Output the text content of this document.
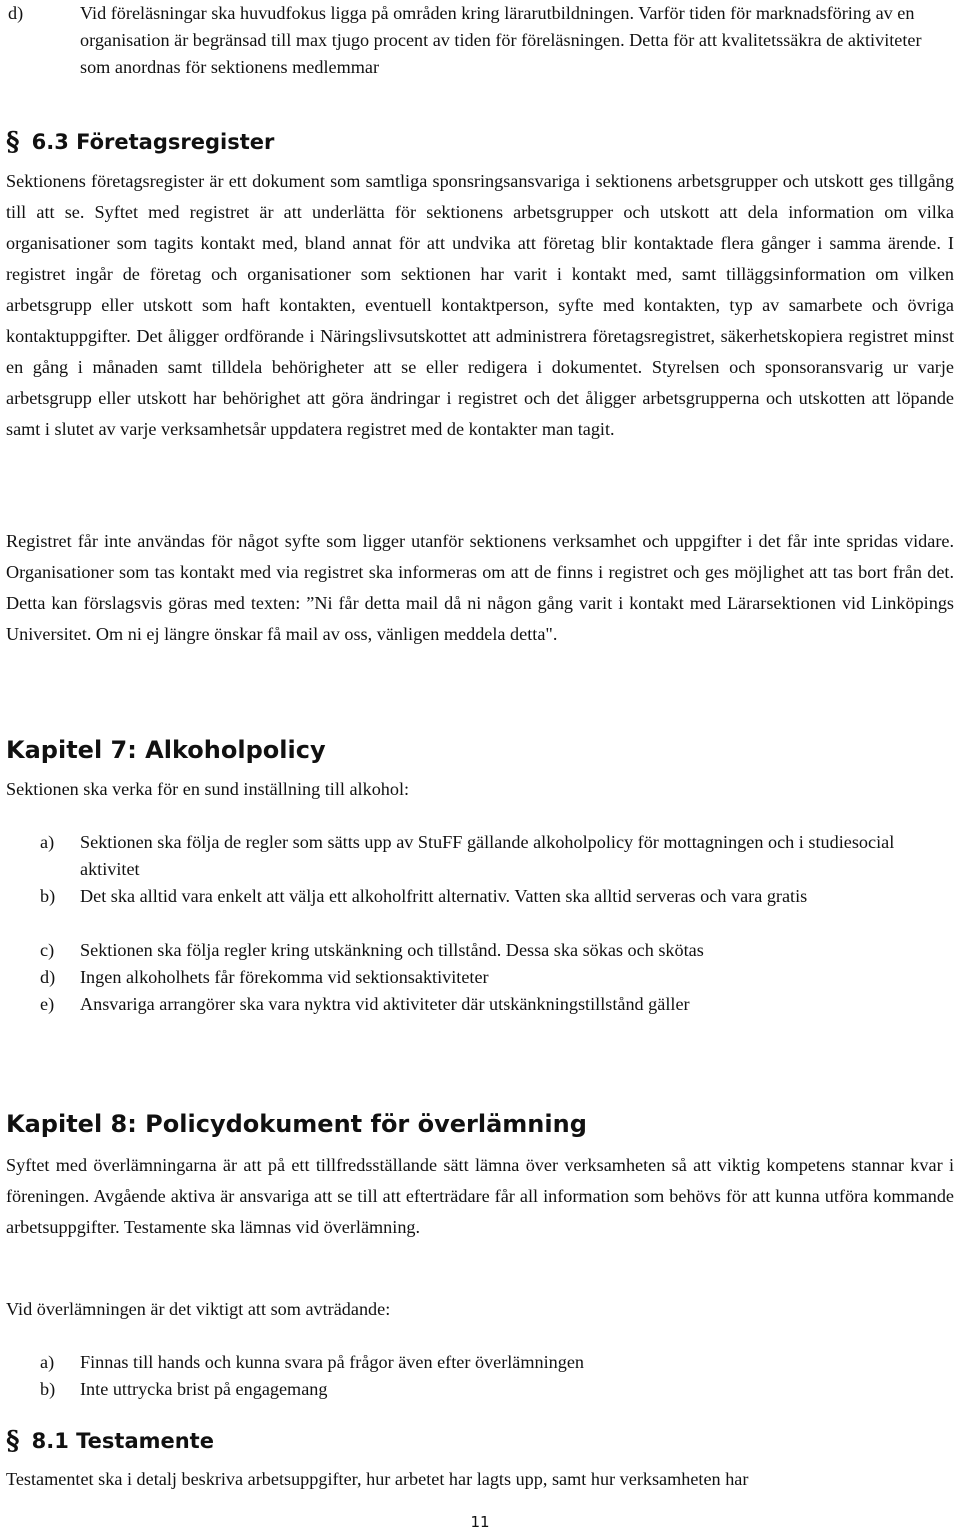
d)	Vid föreläsningar ska huvudfokus ligga på områden kring lärarutbildningen. Varför tiden för marknadsföring av en organisation är begränsad till max tjugo procent av tiden för föreläsningen. Detta för att kvalitetssäkra de aktiviteter som anordnas för sektionens medlemmar
§ 6.3 Företagsregister

Sektionens företagsregister är ett dokument som samtliga sponsringsansvariga i sektionens arbetsgrupper och utskott ges tillgång till att se. Syftet med registret är att underlätta för sektionens arbetsgrupper och utskott att dela information om vilka organisationer som tagits kontakt med, bland annat för att undvika att företag blir kontaktade flera gånger i samma ärende. I registret ingår de företag och organisationer som sektionen har varit i kontakt med, samt tilläggsinformation om vilken arbetsgrupp eller utskott som haft kontakten, eventuell kontaktperson, syfte med kontakten, typ av samarbete och övriga kontaktuppgifter. Det åligger ordförande i Näringslivsutskottet att administrera företagsregistret, säkerhetskopiera registret minst en gång i månaden samt tilldela behörigheter att se eller redigera i dokumentet. Styrelsen och sponsoransvarig ur varje arbetsgrupp eller utskott har behörighet att göra ändringar i registret och det åligger arbetsgrupperna och utskotten att löpande samt i slutet av varje verksamhetsår uppdatera registret med de kontakter man tagit.

Registret får inte användas för något syfte som ligger utanför sektionens verksamhet och uppgifter i det får inte spridas vidare. Organisationer som tas kontakt med via registret ska informeras om att de finns i registret och ges möjlighet att tas bort från det. Detta kan förslagsvis göras med texten: ”Ni får detta mail då ni någon gång varit i kontakt med Lärarsektionen vid Linköpings Universitet. Om ni ej längre önskar få mail av oss, vänligen meddela detta".

Kapitel 7: Alkoholpolicy

Sektionen ska verka för en sund inställning till alkohol:

a)	Sektionen ska följa de regler som sätts upp av StuFF gällande alkoholpolicy för mottagningen och i studiesocial aktivitet
b)	Det ska alltid vara enkelt att välja ett alkoholfritt alternativ. Vatten ska alltid serveras och vara gratis
c)	Sektionen ska följa regler kring utskänkning och tillstånd. Dessa ska sökas och skötas
d)	Ingen alkoholhets får förekomma vid sektionsaktiviteter
e)	Ansvariga arrangörer ska vara nyktra vid aktiviteter där utskänkningstillstånd gäller
Kapitel 8: Policydokument för överlämning

Syftet med överlämningarna är att på ett tillfredsställande sätt lämna över verksamheten så att viktig kompetens stannar kvar i föreningen. Avgående aktiva är ansvariga att se till att efterträdare får all information som behövs för att kunna utföra kommande arbetsuppgifter. Testamente ska lämnas vid överlämning.

Vid överlämningen är det viktigt att som avträdande:

a)	Finnas till hands och kunna svara på frågor även efter överlämningen
b)	Inte uttrycka brist på engagemang
§ 8.1 Testamente

Testamentet ska i detalj beskriva arbetsuppgifter, hur arbetet har lagts upp, samt hur verksamheten har

11
